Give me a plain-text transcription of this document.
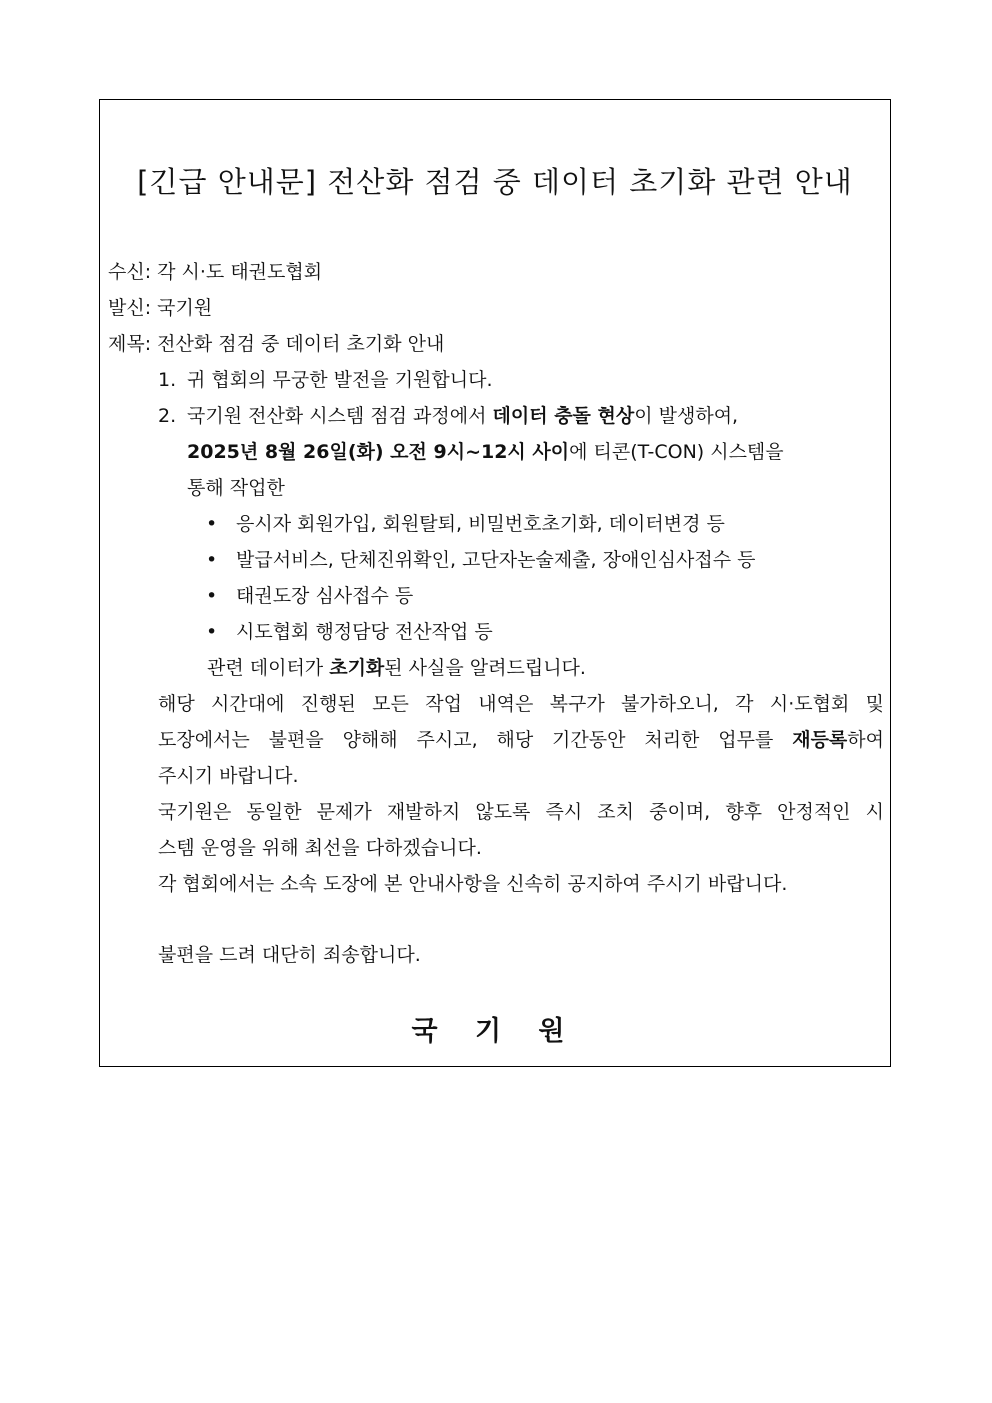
[긴급 안내문] 전산화 점검 중 데이터 초기화 관련 안내
수신: 각 시·도 태권도협회
발신: 국기원
제목: 전산화 점검 중 데이터 초기화 안내
1. 귀 협회의 무궁한 발전을 기원합니다.
2. 국기원 전산화 시스템 점검 과정에서 데이터 충돌 현상이 발생하여,
2025년 8월 26일(화) 오전 9시~12시 사이에 티콘(T-CON) 시스템을
통해 작업한
• 응시자 회원가입, 회원탈퇴, 비밀번호초기화, 데이터변경 등
• 발급서비스, 단체진위확인, 고단자논술제출, 장애인심사접수 등
• 태권도장 심사접수 등
• 시도협회 행정담당 전산작업 등
관련 데이터가 초기화된 사실을 알려드립니다.
해당 시간대에 진행된 모든 작업 내역은 복구가 불가하오니, 각 시·도협회 및
도장에서는 불편을 양해해 주시고, 해당 기간동안 처리한 업무를 재등록하여
주시기 바랍니다.
국기원은 동일한 문제가 재발하지 않도록 즉시 조치 중이며, 향후 안정적인 시
스템 운영을 위해 최선을 다하겠습니다.
각 협회에서는 소속 도장에 본 안내사항을 신속히 공지하여 주시기 바랍니다.
불편을 드려 대단히 죄송합니다.
국 기 원
